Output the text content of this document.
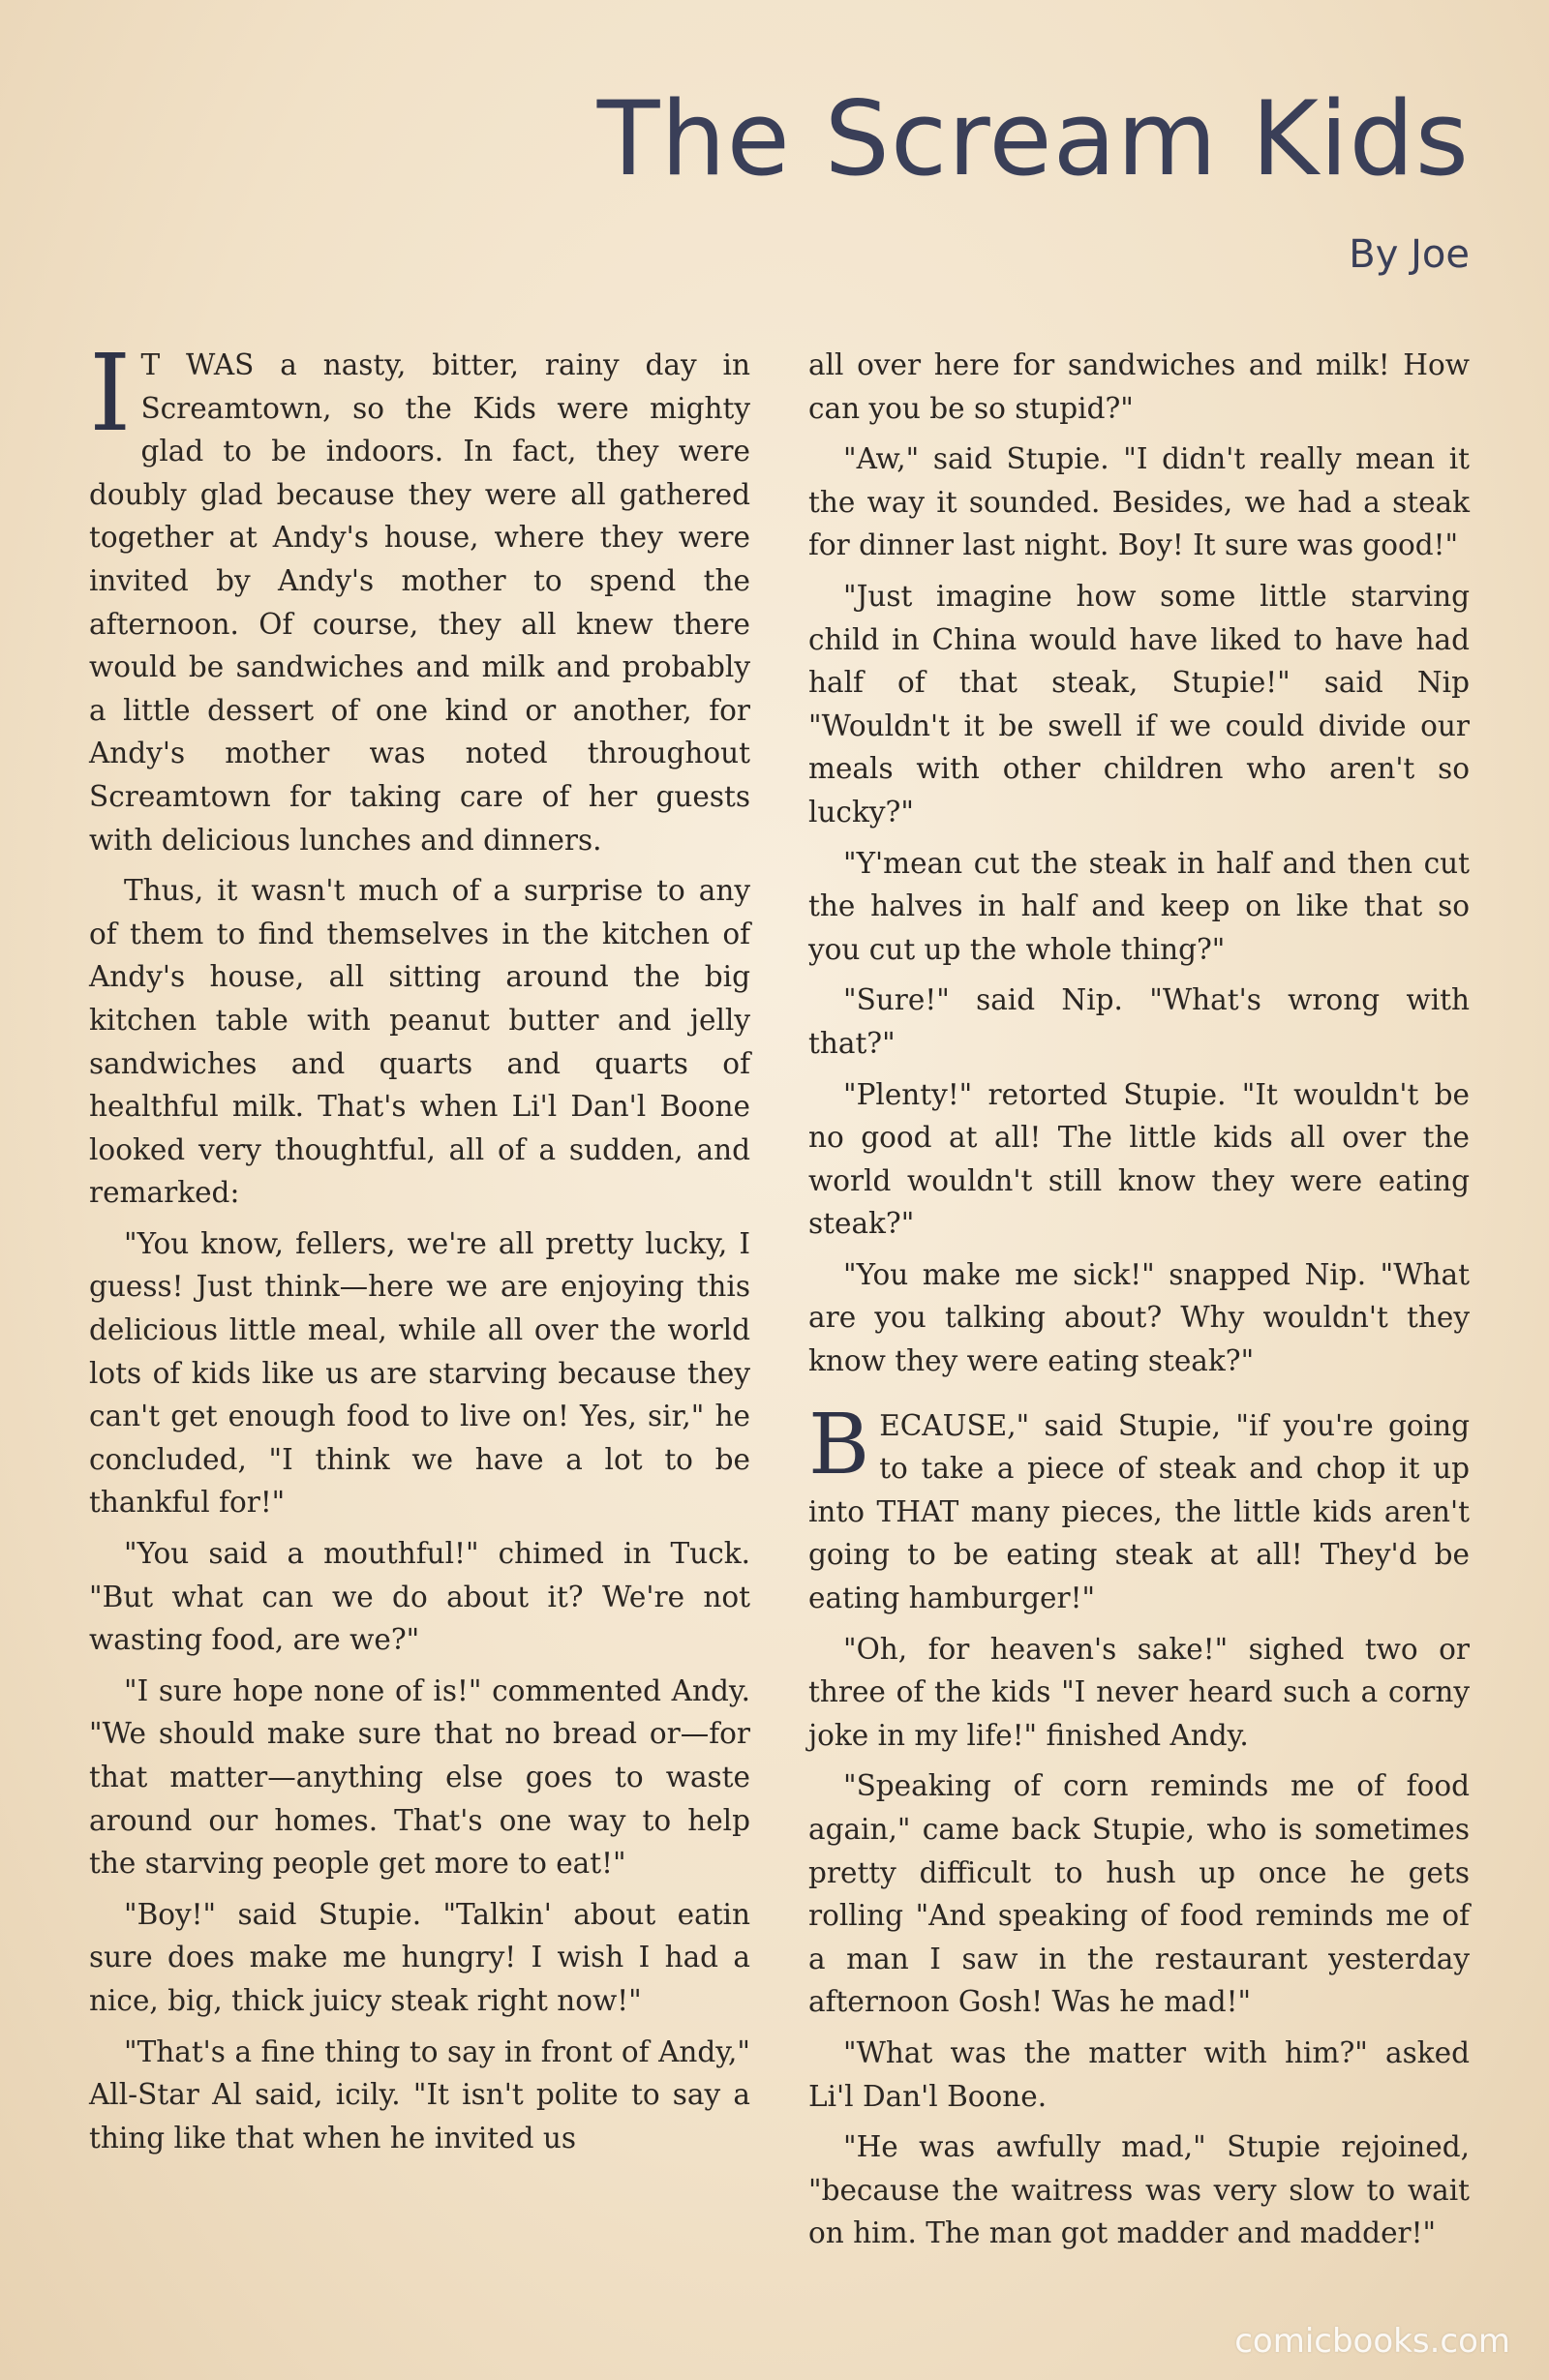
The Scream Kids
By Joe

I T WAS a nasty, bitter, rainy day in Screamtown, so the Kids were mighty glad to be indoors. In fact, they were doubly glad because they were all gathered together at Andy's house, where they were invited by Andy's mother to spend the afternoon. Of course, they all knew there would be sandwiches and milk and probably a little dessert of one kind or another, for Andy's mother was noted throughout Screamtown for taking care of her guests with delicious lunches and dinners.

Thus, it wasn't much of a surprise to any of them to find themselves in the kitchen of Andy's house, all sitting around the big kitchen table with peanut butter and jelly sandwiches and quarts and quarts of healthful milk. That's when Li'l Dan'l Boone looked very thoughtful, all of a sudden, and remarked:

"You know, fellers, we're all pretty lucky, I guess! Just think—here we are enjoying this delicious little meal, while all over the world lots of kids like us are starving because they can't get enough food to live on! Yes, sir," he concluded, "I think we have a lot to be thankful for!"

"You said a mouthful!" chimed in Tuck. "But what can we do about it? We're not wasting food, are we?"

"I sure hope none of is!" commented Andy. "We should make sure that no bread or—for that matter—anything else goes to waste around our homes. That's one way to help the starving people get more to eat!"

"Boy!" said Stupie. "Talkin' about eatin sure does make me hungry! I wish I had a nice, big, thick juicy steak right now!"

"That's a fine thing to say in front of Andy," All-Star Al said, icily. "It isn't polite to say a thing like that when he invited us

all over here for sandwiches and milk! How can you be so stupid?"

"Aw," said Stupie. "I didn't really mean it the way it sounded. Besides, we had a steak for dinner last night. Boy! It sure was good!"

"Just imagine how some little starving child in China would have liked to have had half of that steak, Stupie!" said Nip "Wouldn't it be swell if we could divide our meals with other children who aren't so lucky?"

"Y'mean cut the steak in half and then cut the halves in half and keep on like that so you cut up the whole thing?"

"Sure!" said Nip. "What's wrong with that?"

"Plenty!" retorted Stupie. "It wouldn't be no good at all! The little kids all over the world wouldn't still know they were eating steak?"

"You make me sick!" snapped Nip. "What are you talking about? Why wouldn't they know they were eating steak?"

BECAUSE," said Stupie, "if you're going to take a piece of steak and chop it up into THAT many pieces, the little kids aren't going to be eating steak at all! They'd be eating hamburger!"

"Oh, for heaven's sake!" sighed two or three of the kids "I never heard such a corny joke in my life!" finished Andy.

"Speaking of corn reminds me of food again," came back Stupie, who is sometimes pretty difficult to hush up once he gets rolling "And speaking of food reminds me of a man I saw in the restaurant yesterday afternoon Gosh! Was he mad!"

"What was the matter with him?" asked Li'l Dan'l Boone.

"He was awfully mad," Stupie rejoined, "because the waitress was very slow to wait on him. The man got madder and madder!"

comicbooks.com
